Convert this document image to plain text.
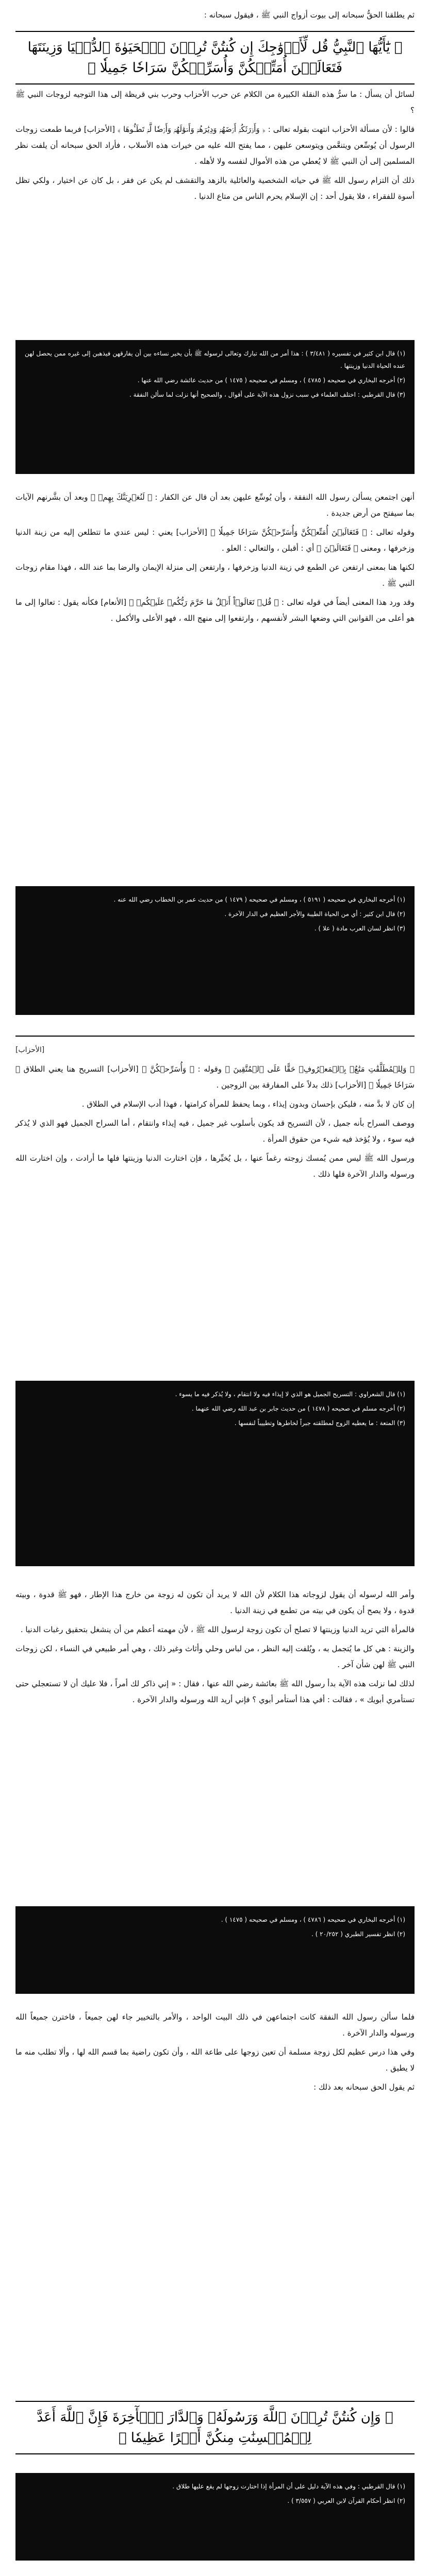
ثم يطلقنا الحقُّ سبحانه إلى بيوت أزواج النبي ﷺ ، فيقول سبحانه :

﴿ يَٰٓأَيُّهَا ٱلنَّبِيُّ قُل لِّأَزۡوَٰجِكَ إِن كُنتُنَّ تُرِدۡنَ ٱلۡحَيَوٰةَ ٱلدُّنۡيَا وَزِينَتَهَا فَتَعَالَيۡنَ أُمَتِّعۡكُنَّ وَأُسَرِّحۡكُنَّ سَرَاحٗا جَمِيلٗا ﴾

لسائل أن يسأل : ما سرُّ هذه النقلة الكبيرة من الكلام عن حرب الأحزاب وحرب بني قريظة إلى هذا التوجيه لزوجات النبي ﷺ ؟

قالوا : لأن مسألة الأحزاب انتهت بقوله تعالى : ﴿ وَأَوۡرَثَكُمۡ أَرۡضَهُمۡ وَدِيَٰرَهُمۡ وَأَمۡوَٰلَهُمۡ وَأَرۡضٗا لَّمۡ تَطَـُٔوهَا ﴾ [الأحزاب] فربما طمعت زوجات الرسول أن يُوسِّعن ويتنعَّمن ويتوسعن عليهن ، مما يفتح الله عليه من خيرات هذه الأسلاب ، فأراد الحق سبحانه أن يلفت نظر المسلمين إلى أن النبي ﷺ لا يُعطي من هذه الأموال لنفسه ولا لأهله .

ذلك أن التزام رسول الله ﷺ في حياته الشخصية والعائلية بالزهد والتقشف لم يكن عن فقر ، بل كان عن اختيار ، ولكي تظل أسوة للفقراء ، فلا يقول أحد : إن الإسلام يحرم الناس من متاع الدنيا .

(١) قال ابن كثير في تفسيره ( ٣/٤٨١ ) : هذا أمر من الله تبارك وتعالى لرسوله ﷺ بأن يخير نساءه بين أن يفارقهن فيذهبن إلى غيره ممن يحصل لهن عنده الحياة الدنيا وزينتها .

(٢) أخرجه البخاري في صحيحه ( ٤٧٨٥ ) ، ومسلم في صحيحه ( ١٤٧٥ ) من حديث عائشة رضي الله عنها .

(٣) قال القرطبي : اختلف العلماء في سبب نزول هذه الآية على أقوال ، والصحيح أنها نزلت لما سألن النفقة .

أنهن اجتمعن يسألن رسول الله النفقة ، وأن يُوسِّع عليهن بعد أن قال عن الكفار : ﴿ لَنُغۡرِيَنَّكَ بِهِمۡ ﴾ وبعد أن بشَّرنهم الآيات بما سيفتح من أرض جديدة .

وقوله تعالى : ﴿ فَتَعَالَيۡنَ أُمَتِّعۡكُنَّ وَأُسَرِّحۡكُنَّ سَرَاحٗا جَمِيلٗا ﴾ [الأحزاب] يعني : ليس عندي ما تتطلعن إليه من زينة الدنيا وزخرفها ، ومعنى ﴿ فَتَعَالَيۡنَ ﴾ أي : أقبلن ، والتعالي : العلو .

لكنها هنا بمعنى ارتفعن عن الطمع في زينة الدنيا وزخرفها ، وارتفعن إلى منزلة الإيمان والرضا بما عند الله ، فهذا مقام زوجات النبي ﷺ .

وقد ورد هذا المعنى أيضاً في قوله تعالى : ﴿ قُلۡ تَعَالَوۡاْ أَتۡلُ مَا حَرَّمَ رَبُّكُمۡ عَلَيۡكُمۡ ﴾ [الأنعام] فكأنه يقول : تعالوا إلى ما هو أعلى من القوانين التي وضعها البشر لأنفسهم ، وارتفعوا إلى منهج الله ، فهو الأعلى والأكمل .

(١) أخرجه البخاري في صحيحه ( ٥١٩١ ) ، ومسلم في صحيحه ( ١٤٧٩ ) من حديث عمر بن الخطاب رضي الله عنه .

(٢) قال ابن كثير : أي من الحياة الطيبة والأجر العظيم في الدار الآخرة .

(٣) انظر لسان العرب مادة ( علا ) .

[الأحزاب]

﴿ وَلِلۡمُطَلَّقَٰتِ مَتَٰعُۢ بِٱلۡمَعۡرُوفِۖ حَقًّا عَلَى ٱلۡمُتَّقِينَ ﴾ وقوله : ﴿ وَأُسَرِّحۡكُنَّ ﴾ [الأحزاب] التسريح هنا يعني الطلاق ﴿ سَرَاحٗا جَمِيلٗا ﴾ [الأحزاب] ذلك بدلاً على المفارقة بين الزوجين .

إن كان لا بدَّ منه ، فليكن بإحسان وبدون إيذاء ، وبما يحفظ للمرأة كرامتها ، فهذا أدب الإسلام في الطلاق .

ووصف السراح بأنه جميل ، لأن التسريح قد يكون بأسلوب غير جميل ، فيه إيذاء وانتقام ، أما السراح الجميل فهو الذي لا يُذكر فيه سوء ، ولا يُؤخذ فيه شيء من حقوق المرأة .

ورسول الله ﷺ ليس ممن يُمسك زوجته رغماً عنها ، بل يُخيِّرها ، فإن اختارت الدنيا وزينتها فلها ما أرادت ، وإن اختارت الله ورسوله والدار الآخرة فلها ذلك .

(١) قال الشعراوي : التسريح الجميل هو الذي لا إيذاء فيه ولا انتقام ، ولا يُذكر فيه ما يسوء .

(٢) أخرجه مسلم في صحيحه ( ١٤٧٨ ) من حديث جابر بن عبد الله رضي الله عنهما .

(٣) المتعة : ما يعطيه الزوج لمطلقته جبراً لخاطرها وتطييباً لنفسها .

وأمر الله لرسوله أن يقول لزوجاته هذا الكلام لأن الله لا يريد أن تكون له زوجة من خارج هذا الإطار ، فهو ﷺ قدوة ، وبيته قدوة ، ولا يصح أن يكون في بيته من تطمع في زينة الدنيا .

فالمرأة التي تريد الدنيا وزينتها لا تصلح أن تكون زوجة لرسول الله ﷺ ، لأن مهمته أعظم من أن ينشغل بتحقيق رغبات الدنيا .

والزينة : هي كل ما يُتجمل به ، ويُلفت إليه النظر ، من لباس وحلي وأثاث وغير ذلك ، وهي أمر طبيعي في النساء ، لكن زوجات النبي ﷺ لهن شأن آخر .

لذلك لما نزلت هذه الآية بدأ رسول الله ﷺ بعائشة رضي الله عنها ، فقال : « إني ذاكر لك أمراً ، فلا عليك أن لا تستعجلي حتى تستأمري أبويك » ، فقالت : أفي هذا أستأمر أبوي ؟ فإني أريد الله ورسوله والدار الآخرة .

(١) أخرجه البخاري في صحيحه ( ٤٧٨٦ ) ، ومسلم في صحيحه ( ١٤٧٥ ) .

(٢) انظر تفسير الطبري ( ٢٠/٢٥٢ ) .

فلما سألن رسول الله النفقة كانت اجتماعهن في ذلك البيت الواحد ، والأمر بالتخيير جاء لهن جميعاً ، فاخترن جميعاً الله ورسوله والدار الآخرة .

وفي هذا درس عظيم لكل زوجة مسلمة أن تعين زوجها على طاعة الله ، وأن تكون راضية بما قسم الله لها ، وألا تطلب منه ما لا يطيق .

ثم يقول الحق سبحانه بعد ذلك :

﴿ وَإِن كُنتُنَّ تُرِدۡنَ ٱللَّهَ وَرَسُولَهُۥ وَٱلدَّارَ ٱلۡأٓخِرَةَ فَإِنَّ ٱللَّهَ أَعَدَّ لِلۡمُحۡسِنَٰتِ مِنكُنَّ أَجۡرًا عَظِيمٗا ﴾

(١) قال القرطبي : وفي هذه الآية دليل على أن المرأة إذا اختارت زوجها لم يقع عليها طلاق .

(٢) انظر أحكام القرآن لابن العربي ( ٣/٥٥٧ ) .
